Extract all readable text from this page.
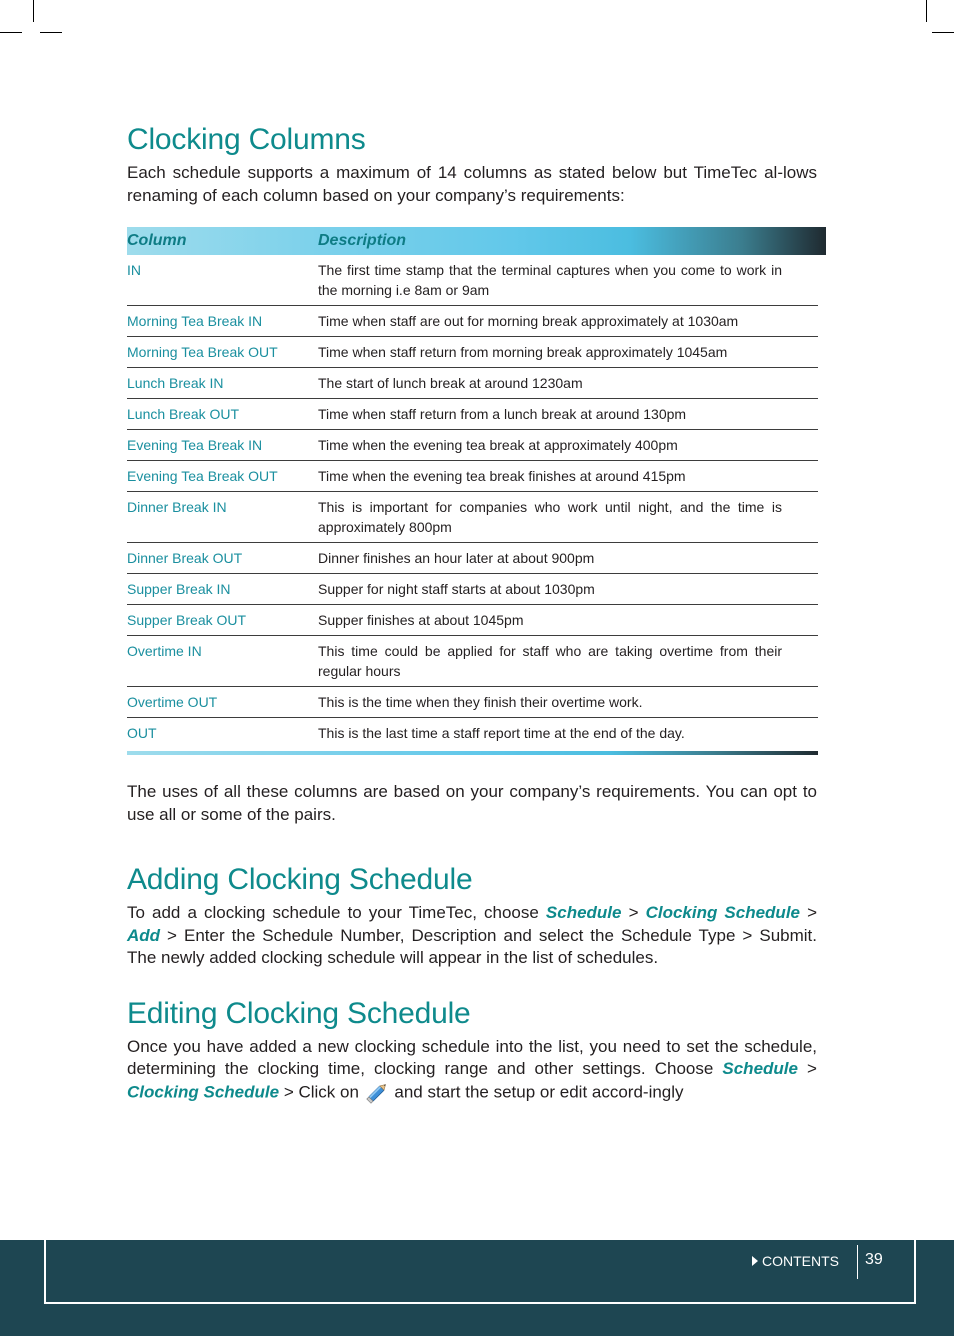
Clocking Columns

Each schedule supports a maximum of 14 columns as stated below but TimeTec al-lows renaming of each column based on your company’s requirements:

Column	Description
IN	The first time stamp that the terminal captures when you come to work in the morning i.e 8am or 9am
Morning Tea Break IN	Time when staff are out for morning break approximately at 1030am
Morning Tea Break OUT	Time when staff return from morning break approximately 1045am
Lunch Break IN	The start of lunch break at around 1230am
Lunch Break OUT	Time when staff return from a lunch break at around 130pm
Evening Tea Break IN	Time when the evening tea break at approximately 400pm
Evening Tea Break OUT	Time when the evening tea break finishes at around 415pm
Dinner Break IN	This is important for companies who work until night, and the time is approximately 800pm
Dinner Break OUT	Dinner finishes an hour later at about 900pm
Supper Break IN	Supper for night staff starts at about 1030pm
Supper Break OUT	Supper finishes at about 1045pm
Overtime IN	This time could be applied for staff who are taking overtime from their regular hours
Overtime OUT	This is the time when they finish their overtime work.
OUT	This is the last time a staff report time at the end of the day.

The uses of all these columns are based on your company’s requirements. You can opt to use all or some of the pairs.

Adding Clocking Schedule

To add a clocking schedule to your TimeTec, choose Schedule > Clocking Schedule > Add > Enter the Schedule Number, Description and select the Schedule Type > Submit. The newly added clocking schedule will appear in the list of schedules.

Editing Clocking Schedule

Once you have added a new clocking schedule into the list, you need to set the schedule, determining the clocking time, clocking range and other settings. Choose Schedule > Clocking Schedule > Click on  and start the setup or edit accord-ingly

CONTENTS 39
